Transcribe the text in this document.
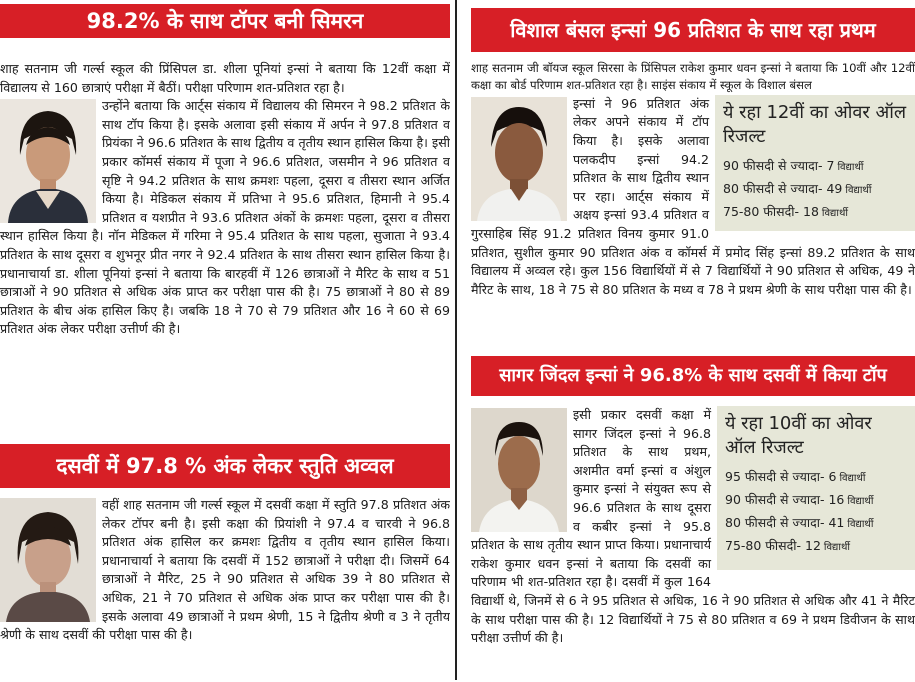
98.2% के साथ टॉपर बनी सिमरन

शाह सतनाम जी गर्ल्स स्कूल की प्रिंसिपल डा. शीला पूनियां इन्सां ने बताया कि 12वीं कक्षा में विद्यालय से 160 छात्राएं परीक्षा में बैठीं। परीक्षा परिणाम शत-प्रतिशत रहा है।

उन्होंने बताया कि आर्ट्स संकाय में विद्यालय की सिमरन ने 98.2 प्रतिशत के साथ टॉप किया है। इसके अलावा इसी संकाय में अर्पन ने 97.8 प्रतिशत व प्रियंका ने 96.6 प्रतिशत के साथ द्वितीय व तृतीय स्थान हासिल किया है। इसी प्रकार कॉमर्स संकाय में पूजा ने 96.6 प्रतिशत, जसमीन ने 96 प्रतिशत व सृष्टि ने 94.2 प्रतिशत के साथ क्रमशः पहला, दूसरा व तीसरा स्थान अर्जित किया है। मेडिकल संकाय में प्रतिभा ने 95.6 प्रतिशत, हिमानी ने 95.4 प्रतिशत व यशप्रीत ने 93.6 प्रतिशत अंकों के क्रमशः पहला, दूसरा व तीसरा स्थान हासिल किया है। नॉन मेडिकल में गरिमा ने 95.4 प्रतिशत के साथ पहला, सुजाता ने 93.4 प्रतिशत के साथ दूसरा व शुभनूर प्रीत नगर ने 92.4 प्रतिशत के साथ तीसरा स्थान हासिल किया है। प्रधानाचार्या डा. शीला पूनियां इन्सां ने बताया कि बारहवीं में 126 छात्राओं ने मैरिट के साथ व 51 छात्राओं ने 90 प्रतिशत से अधिक अंक प्राप्त कर परीक्षा पास की है। 75 छात्राओं ने 80 से 89 प्रतिशत के बीच अंक हासिल किए है। जबकि 18 ने 70 से 79 प्रतिशत और 16 ने 60 से 69 प्रतिशत अंक लेकर परीक्षा उत्तीर्ण की है।

दसवीं में 97.8 % अंक लेकर स्तुति अव्वल

वहीं शाह सतनाम जी गर्ल्स स्कूल में दसवीं कक्षा में स्तुति 97.8 प्रतिशत अंक लेकर टॉपर बनी है। इसी कक्षा की प्रियांशी ने 97.4 व चारवी ने 96.8 प्रतिशत अंक हासिल कर क्रमशः द्वितीय व तृतीय स्थान हासिल किया। प्रधानाचार्या ने बताया कि दसवीं में 152 छात्राओं ने परीक्षा दी। जिसमें 64 छात्राओं ने मैरिट, 25 ने 90 प्रतिशत से अधिक 39 ने 80 प्रतिशत से अधिक, 21 ने 70 प्रतिशत से अधिक अंक प्राप्त कर परीक्षा पास की है। इसके अलावा 49 छात्राओं ने प्रथम श्रेणी, 15 ने द्वितीय श्रेणी व 3 ने तृतीय श्रेणी के साथ दसवीं की परीक्षा पास की है।

विशाल बंसल इन्सां 96 प्रतिशत के साथ रहा प्रथम

शाह सतनाम जी बॉयज स्कूल सिरसा के प्रिंसिपल राकेश कुमार धवन इन्सां ने बताया कि 10वीं और 12वीं कक्षा का बोर्ड परिणाम शत-प्रतिशत रहा है। साइंस संकाय में स्कूल के विशाल बंसल

ये रहा 12वीं का ओवर ऑल रिजल्ट
90 फीसदी से ज्यादा- 7 विद्यार्थी
80 फीसदी से ज्यादा- 49 विद्यार्थी
75-80 फीसदी- 18 विद्यार्थी

इन्सां ने 96 प्रतिशत अंक लेकर अपने संकाय में टॉप किया है। इसके अलावा पलकदीप इन्सां 94.2 प्रतिशत के साथ द्वितीय स्थान पर रहा। आर्ट्स संकाय में अक्षय इन्सां 93.4 प्रतिशत व गुरसाहिब सिंह 91.2 प्रतिशत विनय कुमार 91.0 प्रतिशत, सुशील कुमार 90 प्रतिशत अंक व कॉमर्स में प्रमोद सिंह इन्सां 89.2 प्रतिशत के साथ विद्यालय में अव्वल रहे। कुल 156 विद्यार्थियों में से 7 विद्यार्थियों ने 90 प्रतिशत से अधिक, 49 ने मैरिट के साथ, 18 ने 75 से 80 प्रतिशत के मध्य व 78 ने प्रथम श्रेणी के साथ परीक्षा पास की है।

सागर जिंदल इन्सां ने 96.8% के साथ दसवीं में किया टॉप
ये रहा 10वीं का ओवर ऑल रिजल्ट
95 फीसदी से ज्यादा- 6 विद्यार्थी
90 फीसदी से ज्यादा- 16 विद्यार्थी
80 फीसदी से ज्यादा- 41 विद्यार्थी
75-80 फीसदी- 12 विद्यार्थी

इसी प्रकार दसवीं कक्षा में सागर जिंदल इन्सां ने 96.8 प्रतिशत के साथ प्रथम, अशमीत वर्मा इन्सां व अंशुल कुमार इन्सां ने संयुक्त रूप से 96.6 प्रतिशत के साथ दूसरा व कबीर इन्सां ने 95.8 प्रतिशत के साथ तृतीय स्थान प्राप्त किया। प्रधानाचार्य राकेश कुमार धवन इन्सां ने बताया कि दसवीं का परिणाम भी शत-प्रतिशत रहा है। दसवीं में कुल 164 विद्यार्थी थे, जिनमें से 6 ने 95 प्रतिशत से अधिक, 16 ने 90 प्रतिशत से अधिक और 41 ने मैरिट के साथ परीक्षा पास की है। 12 विद्यार्थियों ने 75 से 80 प्रतिशत व 69 ने प्रथम डिवीजन के साथ परीक्षा उत्तीर्ण की है।
